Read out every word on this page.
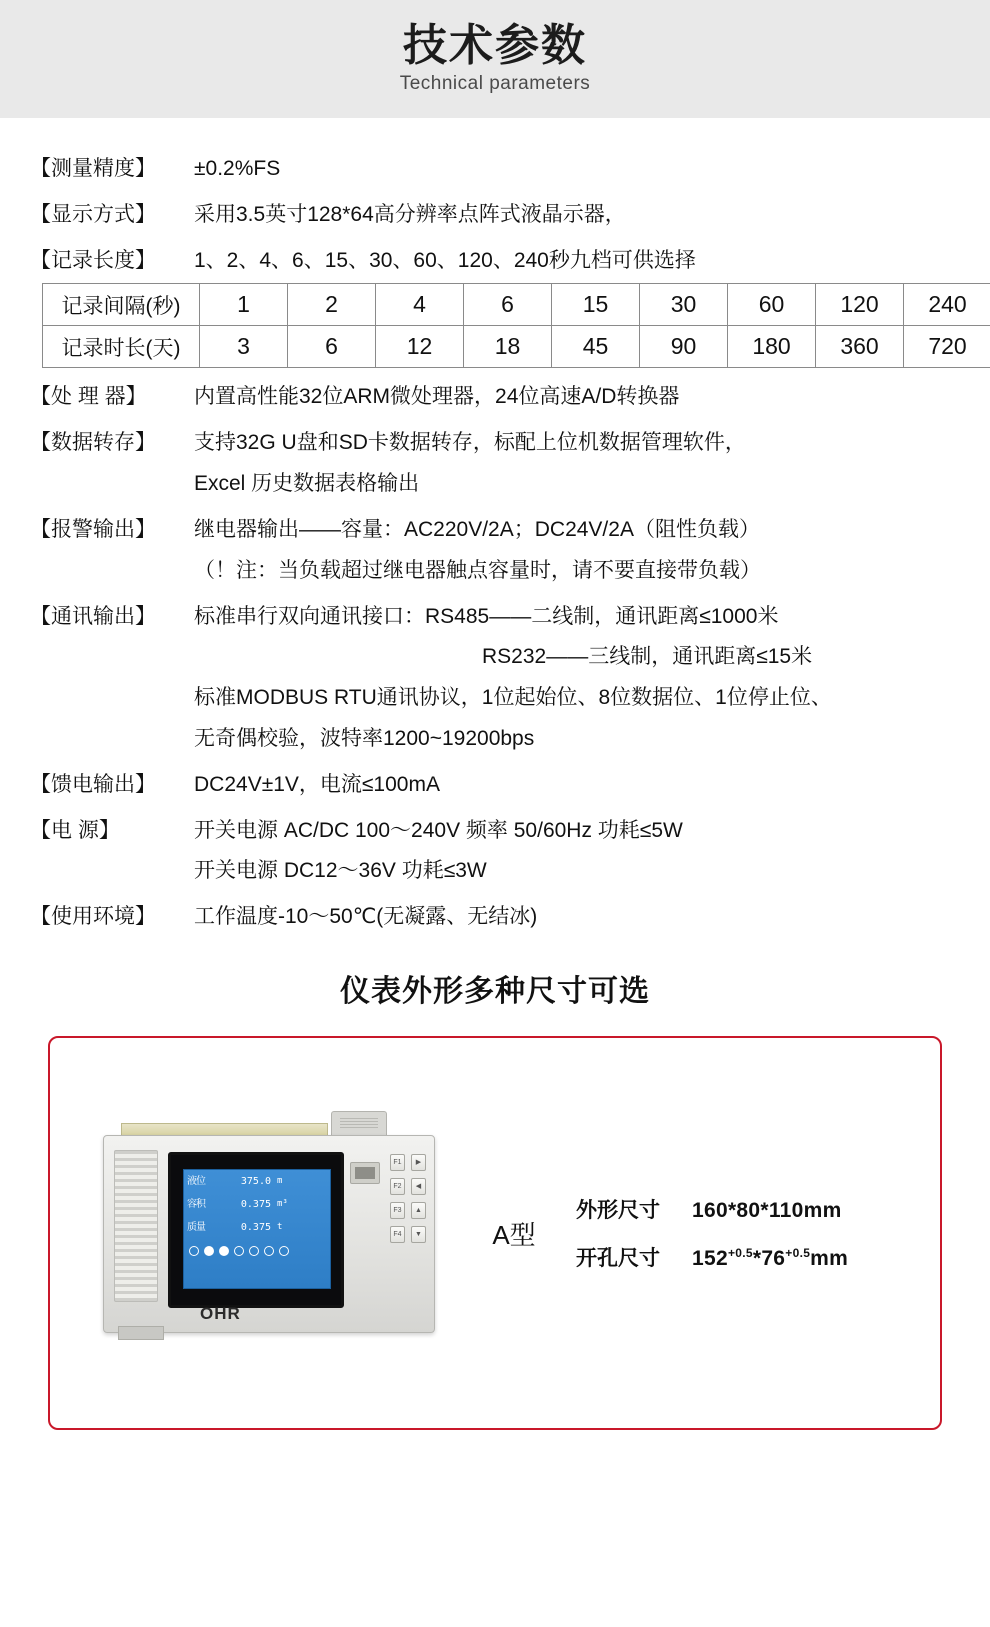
技术参数
Technical parameters
【测量精度】	±0.2%FS
【显示方式】	采用3.5英寸128*64高分辨率点阵式液晶示器，
【记录长度】	1、2、4、6、15、30、60、120、240秒九档可供选择
记录间隔(秒)	1	2	4	6	15	30	60	120	240
记录时长(天)	3	6	12	18	45	90	180	360	720
【处 理 器】	内置高性能32位ARM微处理器，24位高速A/D转换器
【数据转存】	支持32G U盘和SD卡数据转存，标配上位机数据管理软件，
Excel 历史数据表格输出
【报警输出】	继电器输出——容量：AC220V/2A；DC24V/2A（阻性负载）
（！注：当负载超过继电器触点容量时，请不要直接带负载）
【通讯输出】	标准串行双向通讯接口：RS485——二线制，通讯距离≤1000米
RS232——三线制，通讯距离≤15米
标准MODBUS RTU通讯协议，1位起始位、8位数据位、1位停止位、
无奇偶校验，波特率1200~19200bps
【馈电输出】	DC24V±1V，电流≤100mA
【电 源】	开关电源 AC/DC 100～240V 频率 50/60Hz 功耗≤5W
开关电源 DC12～36V 功耗≤3W
【使用环境】	工作温度-10～50℃(无凝露、无结冰)
仪表外形多种尺寸可选
液位	375.0 m
容积	0.375 m³
质量	0.375 t
F1	▶
F2	◀
F3	▲
F4	▼
OHR
A型
外形尺寸	160*80*110mm
开孔尺寸	$152^{+0.5}*76^{+0.5}mm$
